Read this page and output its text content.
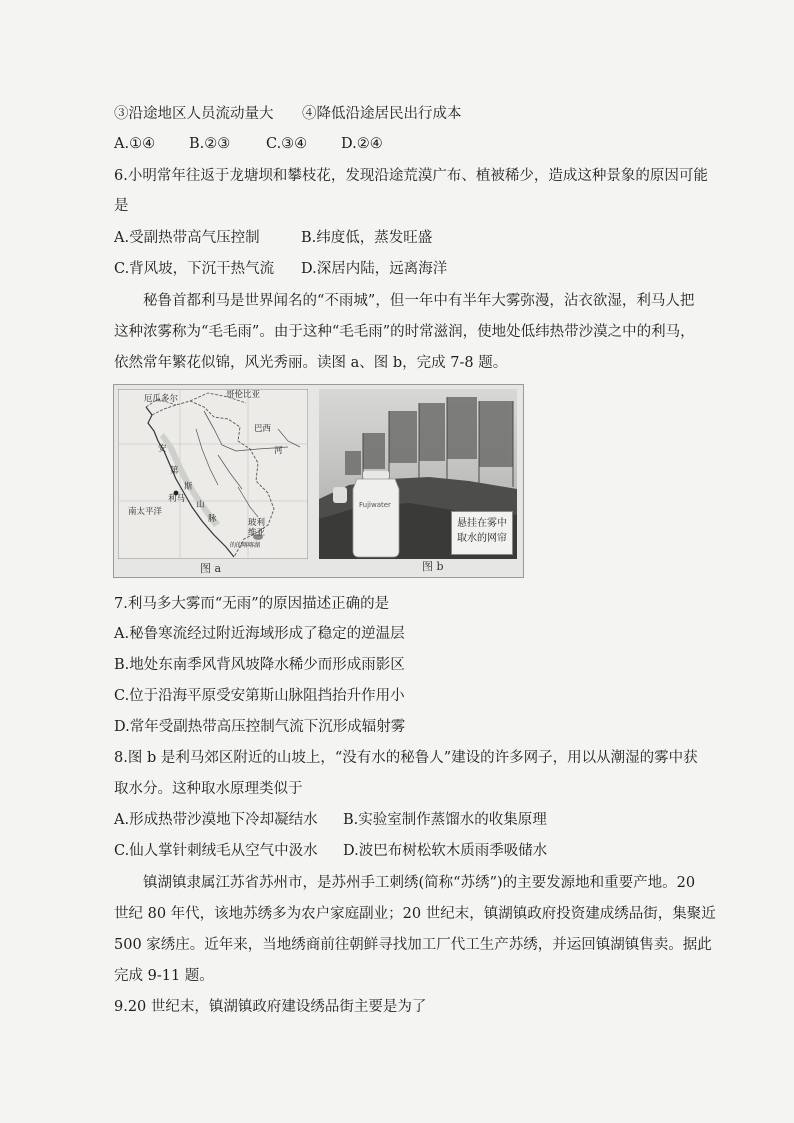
③沿途地区人员流动量大 ④降低沿途居民出行成本
A.①④ B.②③ C.③④ D.②④
6.小明常年往返于龙塘坝和攀枝花，发现沿途荒漠广布、植被稀少，造成这种景象的原因可能
是
A.受副热带高气压控制	B.纬度低，蒸发旺盛
C.背风坡，下沉干热气流 D.深居内陆，远离海洋
秘鲁首都利马是世界闻名的“不雨城”，但一年中有半年大雾弥漫，沾衣欲湿，利马人把
这种浓雾称为“毛毛雨”。由于这种“毛毛雨”的时常滋润，使地处低纬热带沙漠之中的利马，
依然常年繁花似锦，风光秀丽。读图 a、图 b，完成 7-8 题。
厄瓜多尔	哥伦比亚
巴西
南太平洋
玻利
维亚
利马
河
安
第
斯
山
脉
的的喀喀湖
Fujiwater
悬挂在雾中
取水的网帘
图 a	图 b
7.利马多大雾而“无雨”的原因描述正确的是
A.秘鲁寒流经过附近海域形成了稳定的逆温层
B.地处东南季风背风坡降水稀少而形成雨影区
C.位于沿海平原受安第斯山脉阻挡抬升作用小
D.常年受副热带高压控制气流下沉形成辐射雾
8.图 b 是利马郊区附近的山坡上，“没有水的秘鲁人”建设的许多网子，用以从潮湿的雾中获
取水分。这种取水原理类似于
A.形成热带沙漠地下冷却凝结水 B.实验室制作蒸馏水的收集原理
C.仙人掌针刺绒毛从空气中汲水 D.波巴布树松软木质雨季吸储水
镇湖镇隶属江苏省苏州市，是苏州手工刺绣(简称“苏绣”)的主要发源地和重要产地。20
世纪 80 年代，该地苏绣多为农户家庭副业；20 世纪末，镇湖镇政府投资建成绣品街，集聚近
500 家绣庄。近年来，当地绣商前往朝鲜寻找加工厂代工生产苏绣，并运回镇湖镇售卖。据此
完成 9-11 题。
9.20 世纪末，镇湖镇政府建设绣品街主要是为了
